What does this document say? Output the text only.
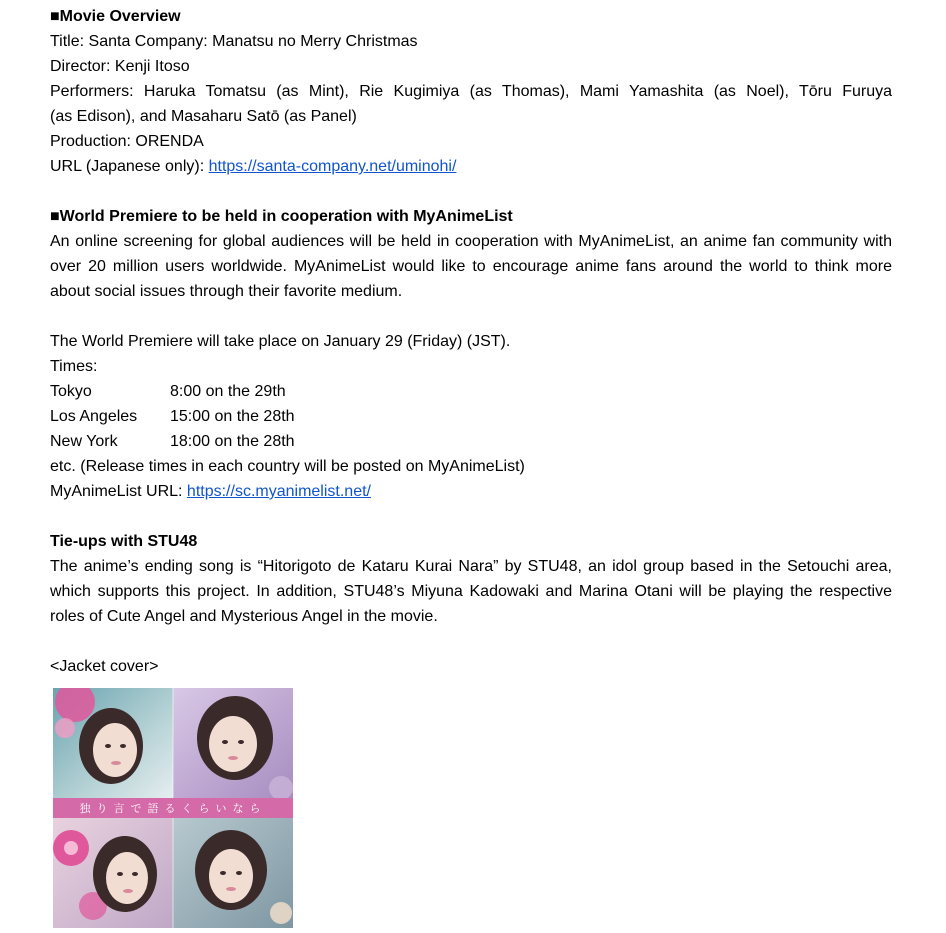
■Movie Overview
Title: Santa Company: Manatsu no Merry Christmas
Director: Kenji Itoso
Performers: Haruka Tomatsu (as Mint), Rie Kugimiya (as Thomas), Mami Yamashita (as Noel), Tōru Furuya
(as Edison), and Masaharu Satō (as Panel)
Production: ORENDA
URL (Japanese only): https://santa-company.net/uminohi/
■World Premiere to be held in cooperation with MyAnimeList
An online screening for global audiences will be held in cooperation with MyAnimeList, an anime fan community with over 20 million users worldwide. MyAnimeList would like to encourage anime fans around the world to think more about social issues through their favorite medium.
The World Premiere will take place on January 29 (Friday) (JST).
Times:
Tokyo	8:00 on the 29th
Los Angeles	15:00 on the 28th
New York	18:00 on the 28th
etc. (Release times in each country will be posted on MyAnimeList)
MyAnimeList URL: https://sc.myanimelist.net/
Tie-ups with STU48
The anime’s ending song is “Hitorigoto de Kataru Kurai Nara” by STU48, an idol group based in the Setouchi area, which supports this project. In addition, STU48’s Miyuna Kadowaki and Marina Otani will be playing the respective roles of Cute Angel and Mysterious Angel in the movie.
<Jacket cover>
独り言で語るくらいなら
